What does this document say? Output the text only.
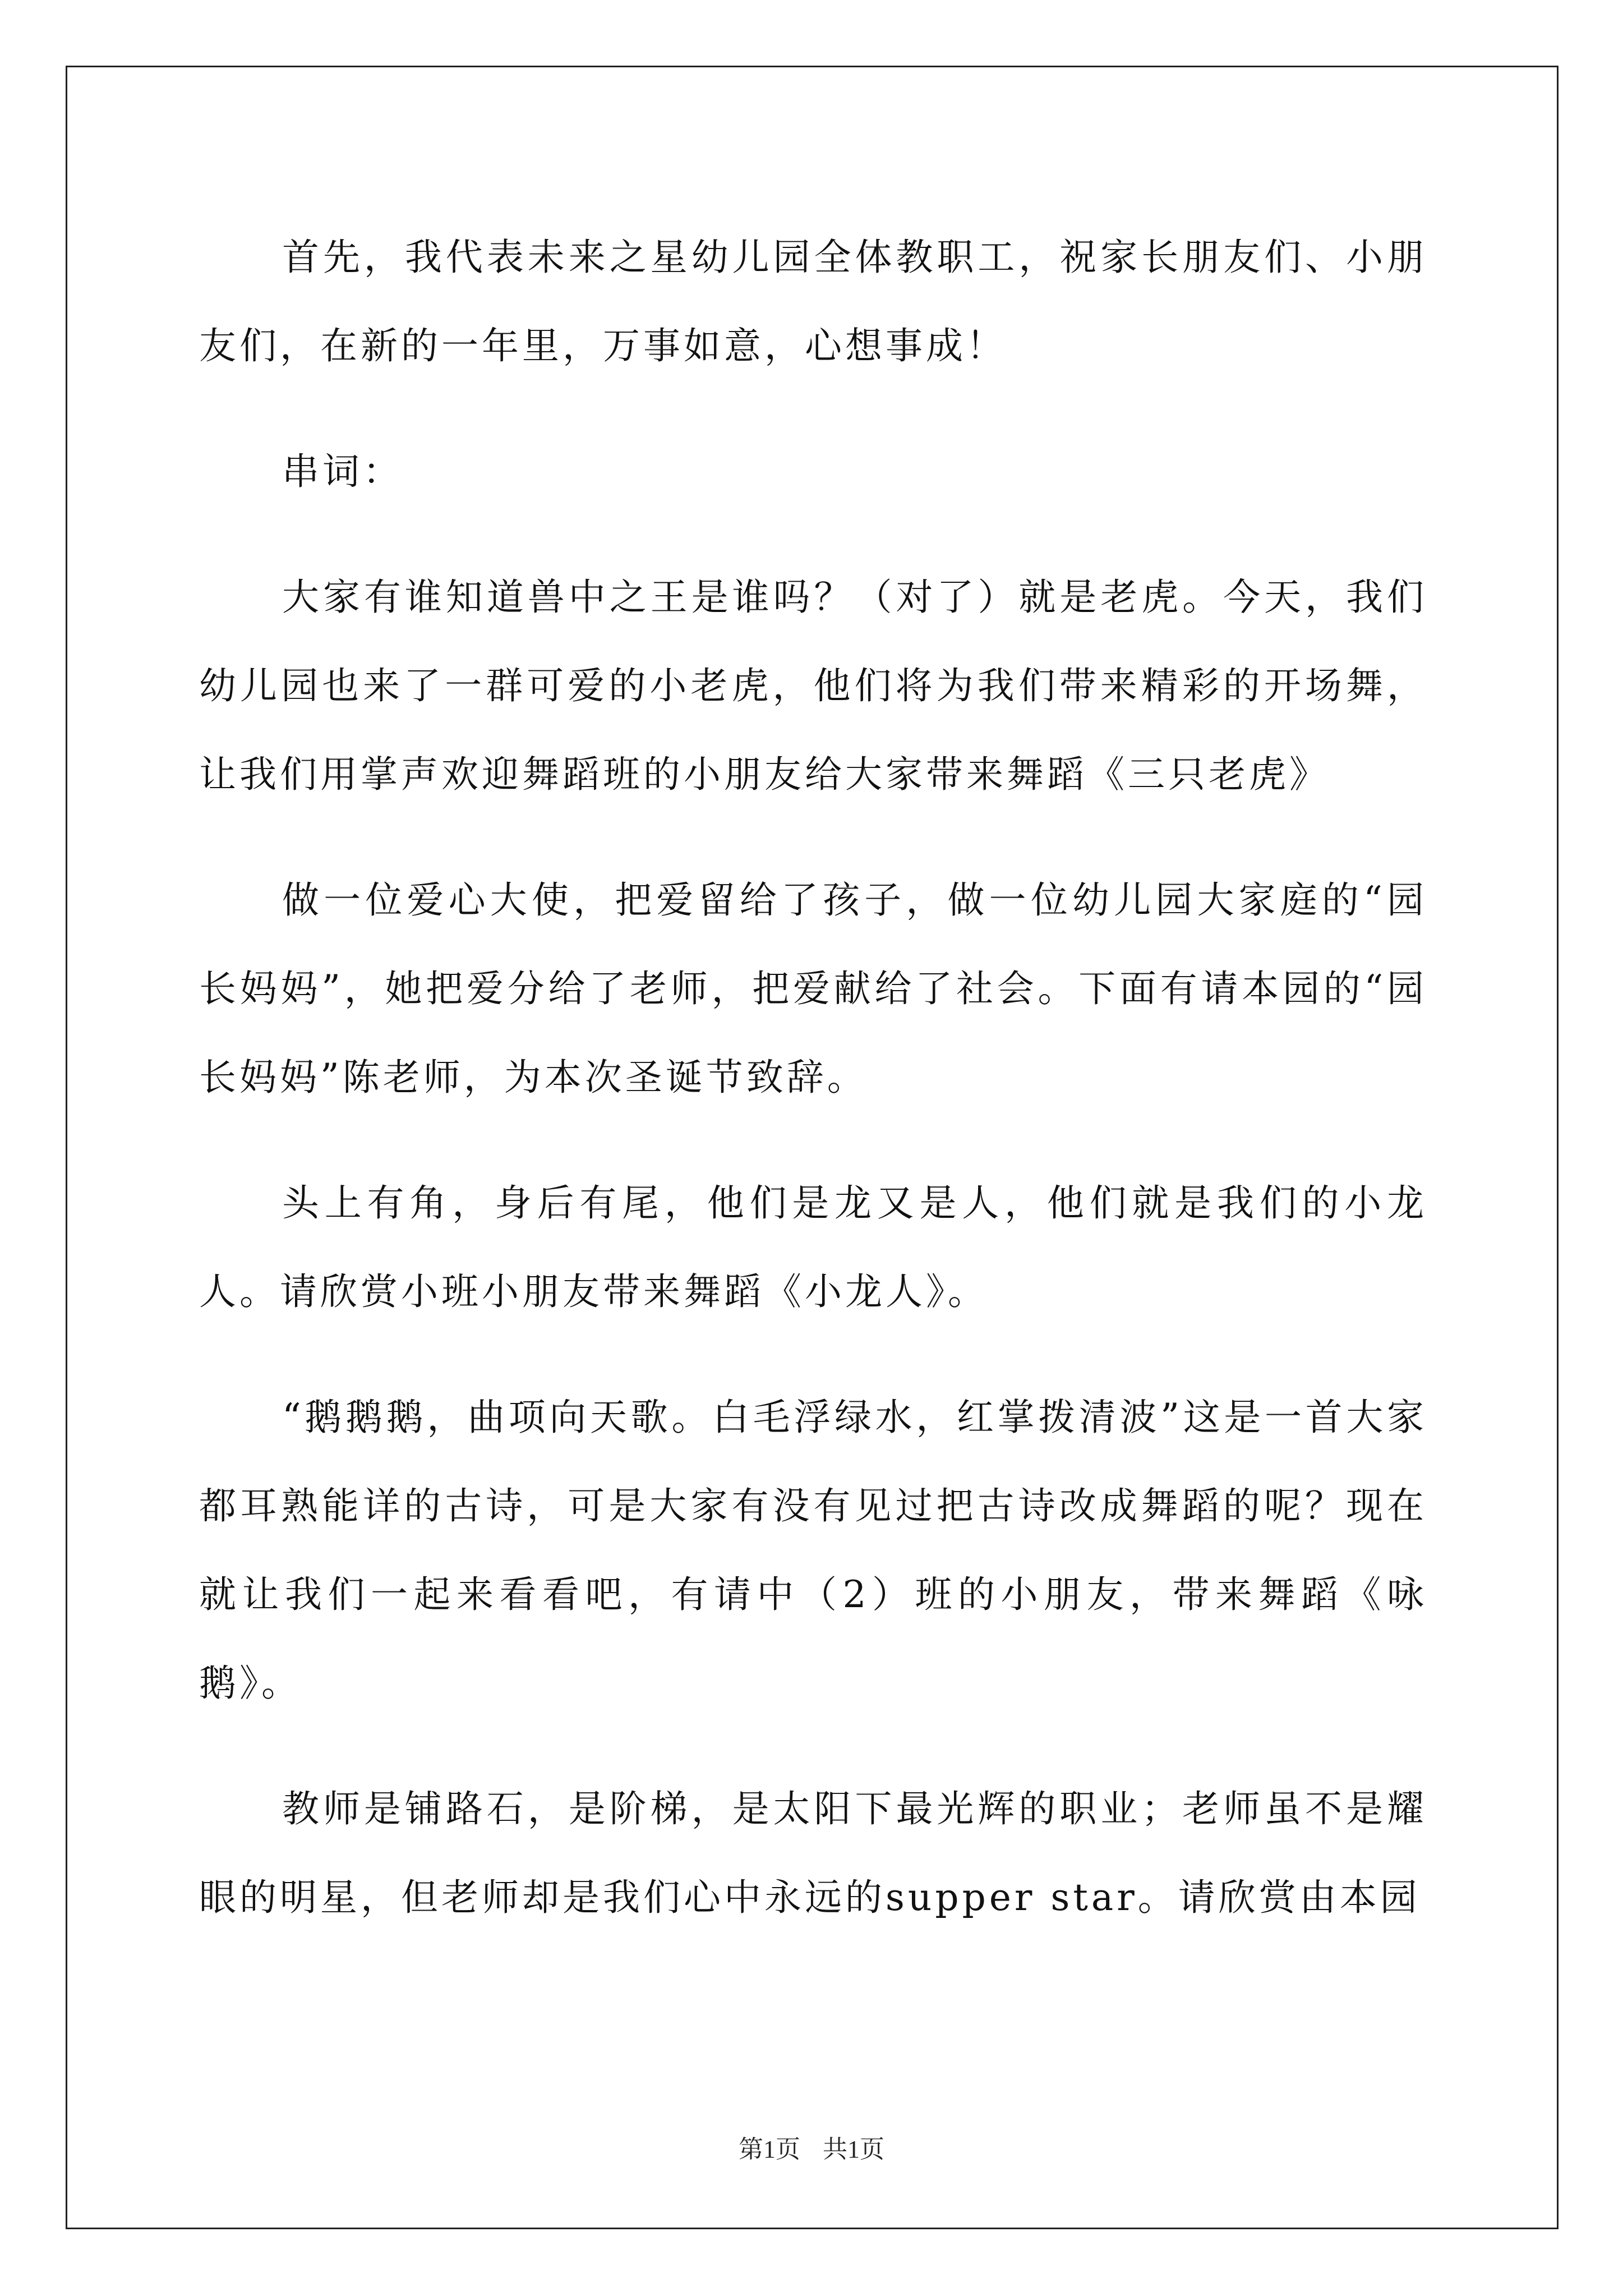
首先，我代表未来之星幼儿园全体教职工，祝家长朋友们、小朋友们，在新的一年里，万事如意，心想事成！

串词：

大家有谁知道兽中之王是谁吗？（对了）就是老虎。今天，我们幼儿园也来了一群可爱的小老虎，他们将为我们带来精彩的开场舞，让我们用掌声欢迎舞蹈班的小朋友给大家带来舞蹈《三只老虎》

做一位爱心大使，把爱留给了孩子，做一位幼儿园大家庭的“园长妈妈”，她把爱分给了老师，把爱献给了社会。下面有请本园的“园长妈妈”陈老师，为本次圣诞节致辞。

头上有角，身后有尾，他们是龙又是人，他们就是我们的小龙人。请欣赏小班小朋友带来舞蹈《小龙人》。

“鹅鹅鹅，曲项向天歌。白毛浮绿水，红掌拨清波”这是一首大家都耳熟能详的古诗，可是大家有没有见过把古诗改成舞蹈的呢？现在就让我们一起来看看吧，有请中（2）班的小朋友，带来舞蹈《咏鹅》。

教师是铺路石，是阶梯，是太阳下最光辉的职业；老师虽不是耀眼的明星，但老师却是我们心中永远的supper star。请欣赏由本园

第1页 共1页
